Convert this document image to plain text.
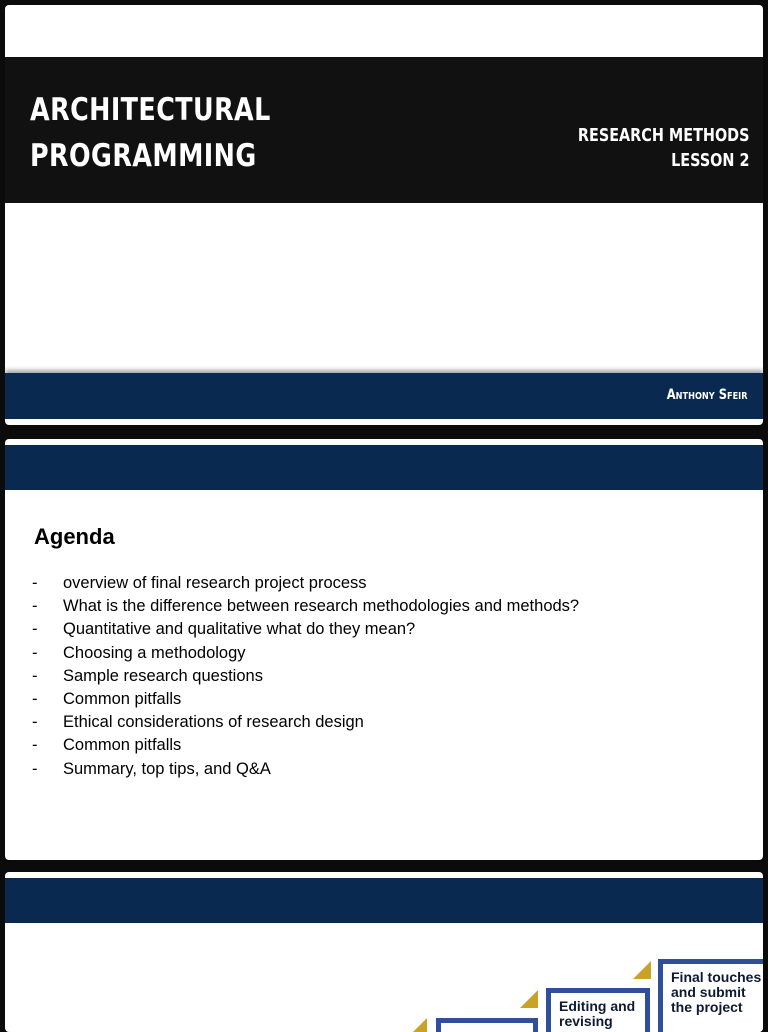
ARCHITECTURAL
PROGRAMMING
RESEARCH METHODS
LESSON 2
Anthony Sfeir
Agenda
- overview of final research project process
- What is the difference between research methodologies and methods?
- Quantitative and qualitative what do they mean?
- Choosing a methodology
- Sample research questions
- Common pitfalls
- Ethical considerations of research design
- Common pitfalls
- Summary, top tips, and Q&A
Final touches and submit the project
Editing and revising
